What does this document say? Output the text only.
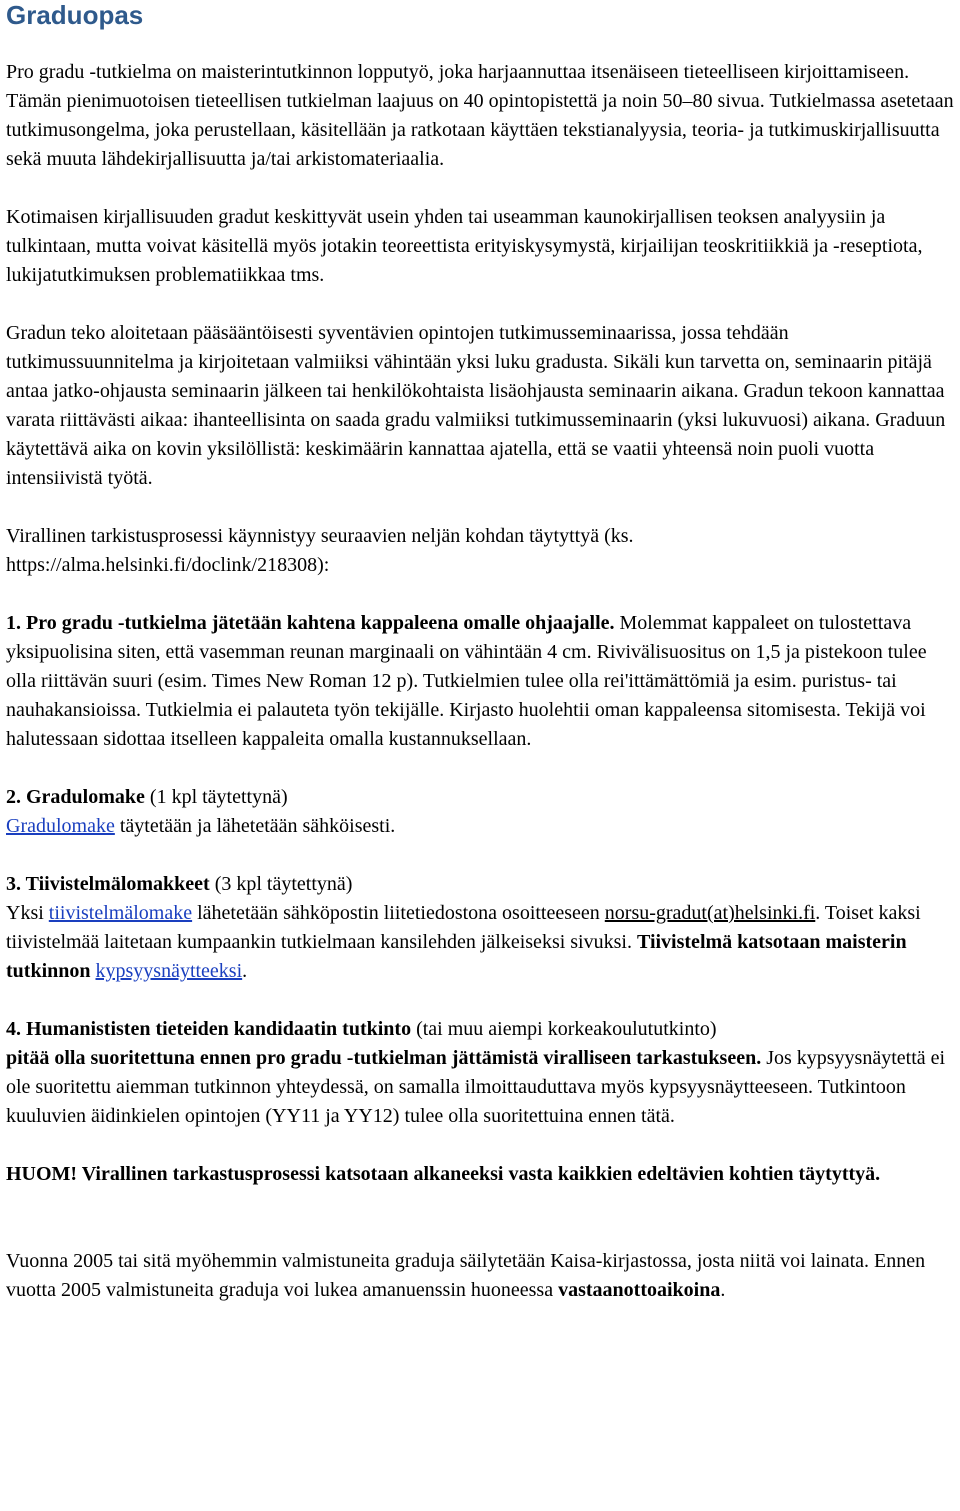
Graduopas

Pro gradu -tutkielma on maisterintutkinnon lopputyö, joka harjaannuttaa itsenäiseen tieteelliseen kirjoittamiseen. Tämän pienimuotoisen tieteellisen tutkielman laajuus on 40 opintopistettä ja noin 50–80 sivua. Tutkielmassa asetetaan tutkimusongelma, joka perustellaan, käsitellään ja ratkotaan käyttäen tekstianalyysia, teoria- ja tutkimuskirjallisuutta sekä muuta lähdekirjallisuutta ja/tai arkistomateriaalia.

Kotimaisen kirjallisuuden gradut keskittyvät usein yhden tai useamman kaunokirjallisen teoksen analyysiin ja tulkintaan, mutta voivat käsitellä myös jotakin teoreettista erityiskysymystä, kirjailijan teoskritiikkiä ja -reseptiota, lukijatutkimuksen problematiikkaa tms.

Gradun teko aloitetaan pääsääntöisesti syventävien opintojen tutkimusseminaarissa, jossa tehdään tutkimussuunnitelma ja kirjoitetaan valmiiksi vähintään yksi luku gradusta. Sikäli kun tarvetta on, seminaarin pitäjä antaa jatko-ohjausta seminaarin jälkeen tai henkilökohtaista lisäohjausta seminaarin aikana. Gradun tekoon kannattaa varata riittävästi aikaa: ihanteellisinta on saada gradu valmiiksi tutkimusseminaarin (yksi lukuvuosi) aikana. Graduun käytettävä aika on kovin yksilöllistä: keskimäärin kannattaa ajatella, että se vaatii yhteensä noin puoli vuotta intensiivistä työtä.

Virallinen tarkistusprosessi käynnistyy seuraavien neljän kohdan täytyttyä (ks. https://alma.helsinki.fi/doclink/218308):

1. Pro gradu -tutkielma jätetään kahtena kappaleena omalle ohjaajalle. Molemmat kappaleet on tulostettava yksipuolisina siten, että vasemman reunan marginaali on vähintään 4 cm. Rivivälisuositus on 1,5 ja pistekoon tulee olla riittävän suuri (esim. Times New Roman 12 p). Tutkielmien tulee olla rei'ittämättömiä ja esim. puristus- tai nauhakansioissa. Tutkielmia ei palauteta työn tekijälle. Kirjasto huolehtii oman kappaleensa sitomisesta. Tekijä voi halutessaan sidottaa itselleen kappaleita omalla kustannuksellaan.

2. Gradulomake (1 kpl täytettynä)
Gradulomake täytetään ja lähetetään sähköisesti.

3. Tiivistelmälomakkeet (3 kpl täytettynä)
Yksi tiivistelmälomake lähetetään sähköpostin liitetiedostona osoitteeseen norsu-gradut(at)helsinki.fi. Toiset kaksi tiivistelmää laitetaan kumpaankin tutkielmaan kansilehden jälkeiseksi sivuksi. Tiivistelmä katsotaan maisterin tutkinnon kypsyysnäytteeksi.

4. Humanististen tieteiden kandidaatin tutkinto (tai muu aiempi korkeakoulututkinto)
pitää olla suoritettuna ennen pro gradu -tutkielman jättämistä viralliseen tarkastukseen. Jos kypsyysnäytettä ei ole suoritettu aiemman tutkinnon yhteydessä, on samalla ilmoittauduttava myös kypsyysnäytteeseen. Tutkintoon kuuluvien äidinkielen opintojen (YY11 ja YY12) tulee olla suoritettuina ennen tätä.

HUOM! Virallinen tarkastusprosessi katsotaan alkaneeksi vasta kaikkien edeltävien kohtien täytyttyä.

Vuonna 2005 tai sitä myöhemmin valmistuneita graduja säilytetään Kaisa-kirjastossa, josta niitä voi lainata. Ennen vuotta 2005 valmistuneita graduja voi lukea amanuenssin huoneessa vastaanottoaikoina.
